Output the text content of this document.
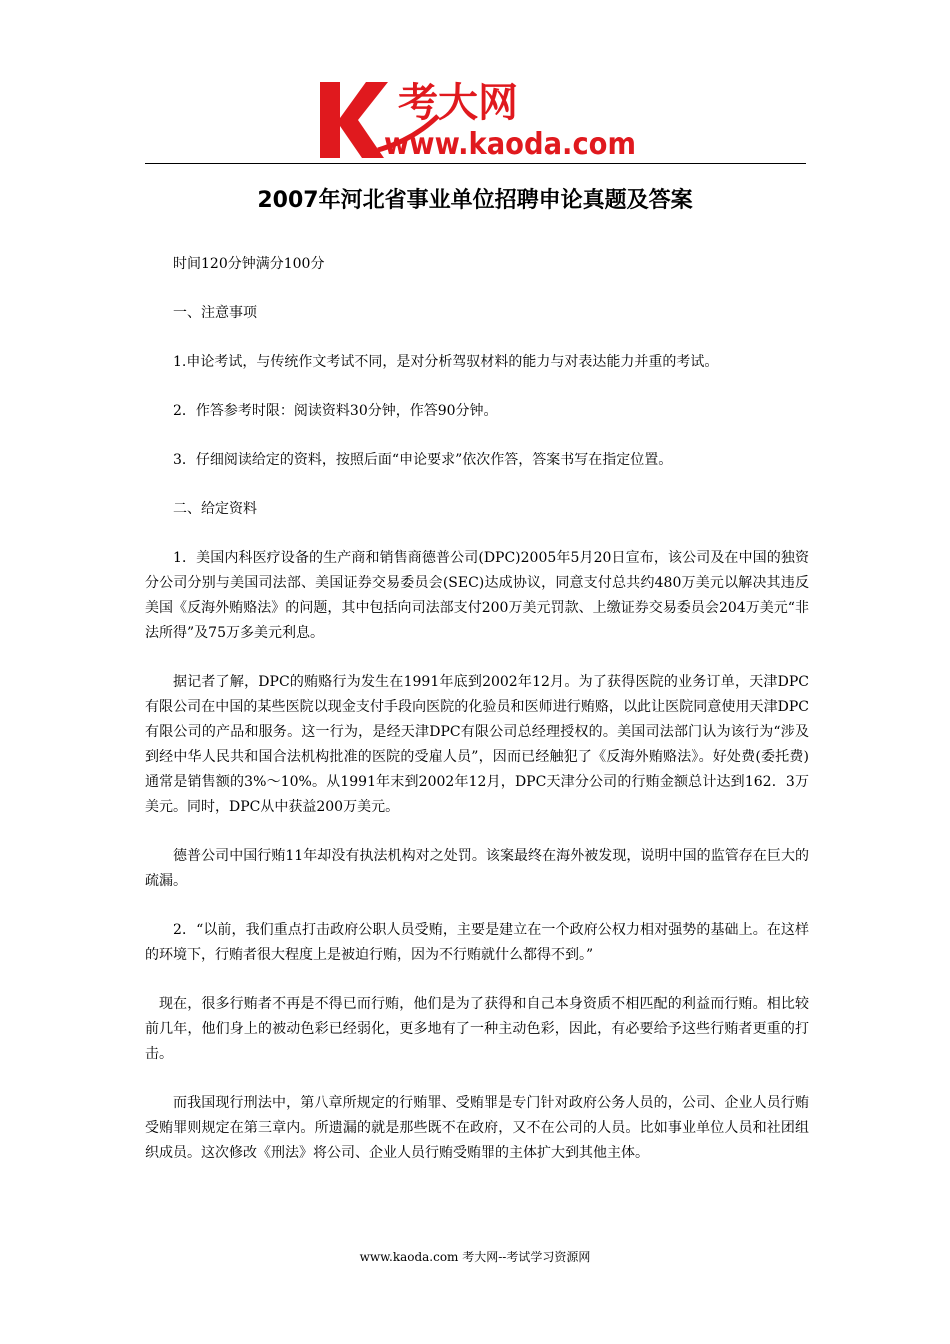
考大网
www.kaoda.com
2007年河北省事业单位招聘申论真题及答案

时间120分钟满分100分

一、注意事项

1.申论考试，与传统作文考试不同，是对分析驾驭材料的能力与对表达能力并重的考试。

2．作答参考时限：阅读资料30分钟，作答90分钟。

3．仔细阅读给定的资料，按照后面“申论要求”依次作答，答案书写在指定位置。

二、给定资料

1．美国内科医疗设备的生产商和销售商德普公司(DPC)2005年5月20日宣布，该公司及在中国的独资分公司分别与美国司法部、美国证券交易委员会(SEC)达成协议，同意支付总共约480万美元以解决其违反美国《反海外贿赂法》的问题，其中包括向司法部支付200万美元罚款、上缴证券交易委员会204万美元“非法所得”及75万多美元利息。

据记者了解，DPC的贿赂行为发生在1991年底到2002年12月。为了获得医院的业务订单，天津DPC有限公司在中国的某些医院以现金支付手段向医院的化验员和医师进行贿赂，以此让医院同意使用天津DPC有限公司的产品和服务。这一行为，是经天津DPC有限公司总经理授权的。美国司法部门认为该行为“涉及到经中华人民共和国合法机构批准的医院的受雇人员”，因而已经触犯了《反海外贿赂法》。好处费(委托费)通常是销售额的3%～10%。从1991年末到2002年12月，DPC天津分公司的行贿金额总计达到162．3万美元。同时，DPC从中获益200万美元。

德普公司中国行贿11年却没有执法机构对之处罚。该案最终在海外被发现，说明中国的监管存在巨大的疏漏。

2．“以前，我们重点打击政府公职人员受贿，主要是建立在一个政府公权力相对强势的基础上。在这样的环境下，行贿者很大程度上是被迫行贿，因为不行贿就什么都得不到。”

现在，很多行贿者不再是不得已而行贿，他们是为了获得和自己本身资质不相匹配的利益而行贿。相比较前几年，他们身上的被动色彩已经弱化，更多地有了一种主动色彩，因此，有必要给予这些行贿者更重的打击。

而我国现行刑法中，第八章所规定的行贿罪、受贿罪是专门针对政府公务人员的，公司、企业人员行贿受贿罪则规定在第三章内。所遗漏的就是那些既不在政府，又不在公司的人员。比如事业单位人员和社团组织成员。这次修改《刑法》将公司、企业人员行贿受贿罪的主体扩大到其他主体。

www.kaoda.com 考大网--考试学习资源网
